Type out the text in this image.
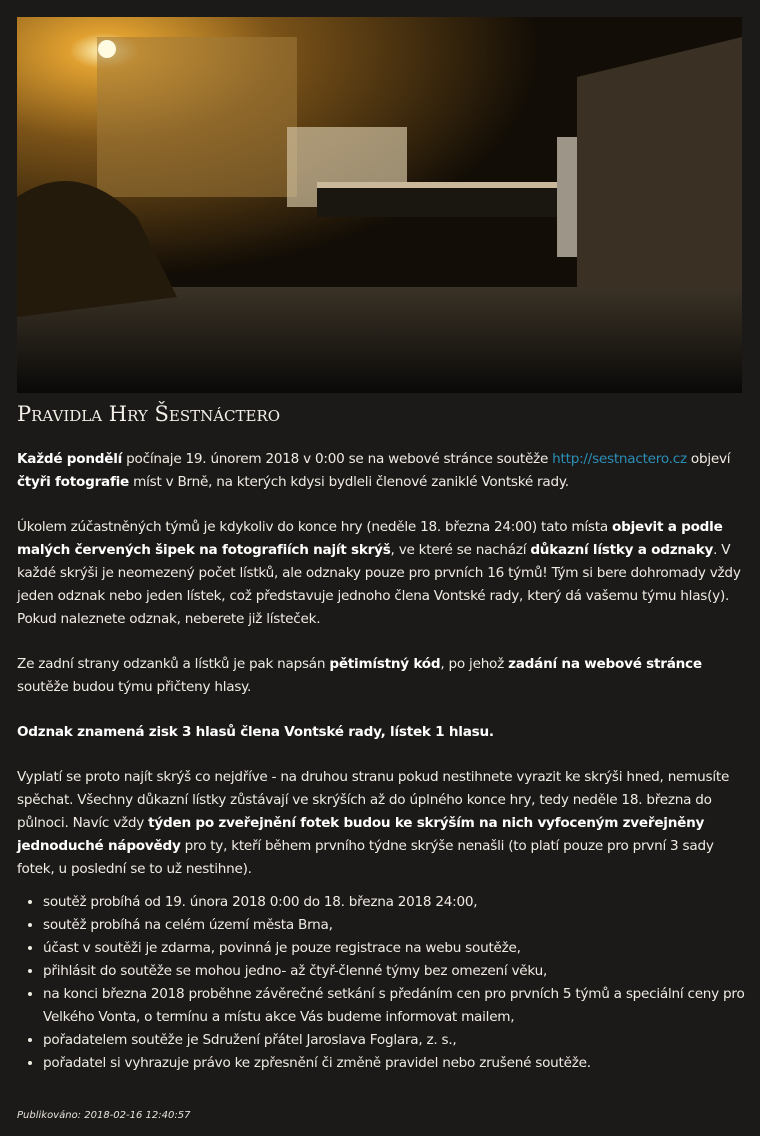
Pravidla Hry Šestnáctero

Každé pondělí počínaje 19. únorem 2018 v 0:00 se na webové stránce soutěže http://sestnactero.cz objeví čtyři fotografie míst v Brně, na kterých kdysi bydleli členové zaniklé Vontské rady.

Úkolem zúčastněných týmů je kdykoliv do konce hry (neděle 18. března 24:00) tato místa objevit a podle malých červených šipek na fotografiích najít skrýš, ve které se nachází důkazní lístky a odznaky. V každé skrýši je neomezený počet lístků, ale odznaky pouze pro prvních 16 týmů! Tým si bere dohromady vždy jeden odznak nebo jeden lístek, což představuje jednoho člena Vontské rady, který dá vašemu týmu hlas(y). Pokud naleznete odznak, neberete již lísteček.

Ze zadní strany odzanků a lístků je pak napsán pětimístný kód, po jehož zadání na webové stránce soutěže budou týmu přičteny hlasy.

Odznak znamená zisk 3 hlasů člena Vontské rady, lístek 1 hlasu.

Vyplatí se proto najít skrýš co nejdříve - na druhou stranu pokud nestihnete vyrazit ke skrýši hned, nemusíte spěchat. Všechny důkazní lístky zůstávají ve skrýších až do úplného konce hry, tedy neděle 18. března do půlnoci. Navíc vždy týden po zveřejnění fotek budou ke skrýším na nich vyfoceným zveřejněny jednoduché nápovědy pro ty, kteří během prvního týdne skrýše nenašli (to platí pouze pro první 3 sady fotek, u poslední se to už nestihne).

• soutěž probíhá od 19. února 2018 0:00 do 18. března 2018 24:00,
• soutěž probíhá na celém území města Brna,
• účast v soutěži je zdarma, povinná je pouze registrace na webu soutěže,
• přihlásit do soutěže se mohou jedno- až čtyř-členné týmy bez omezení věku,
• na konci března 2018 proběhne závěrečné setkání s předáním cen pro prvních 5 týmů a speciální ceny pro Velkého Vonta, o termínu a místu akce Vás budeme informovat mailem,
• pořadatelem soutěže je Sdružení přátel Jaroslava Foglara, z. s.,
• pořadatel si vyhrazuje právo ke zpřesnění či změně pravidel nebo zrušené soutěže.
Publikováno: 2018-02-16 12:40:57
